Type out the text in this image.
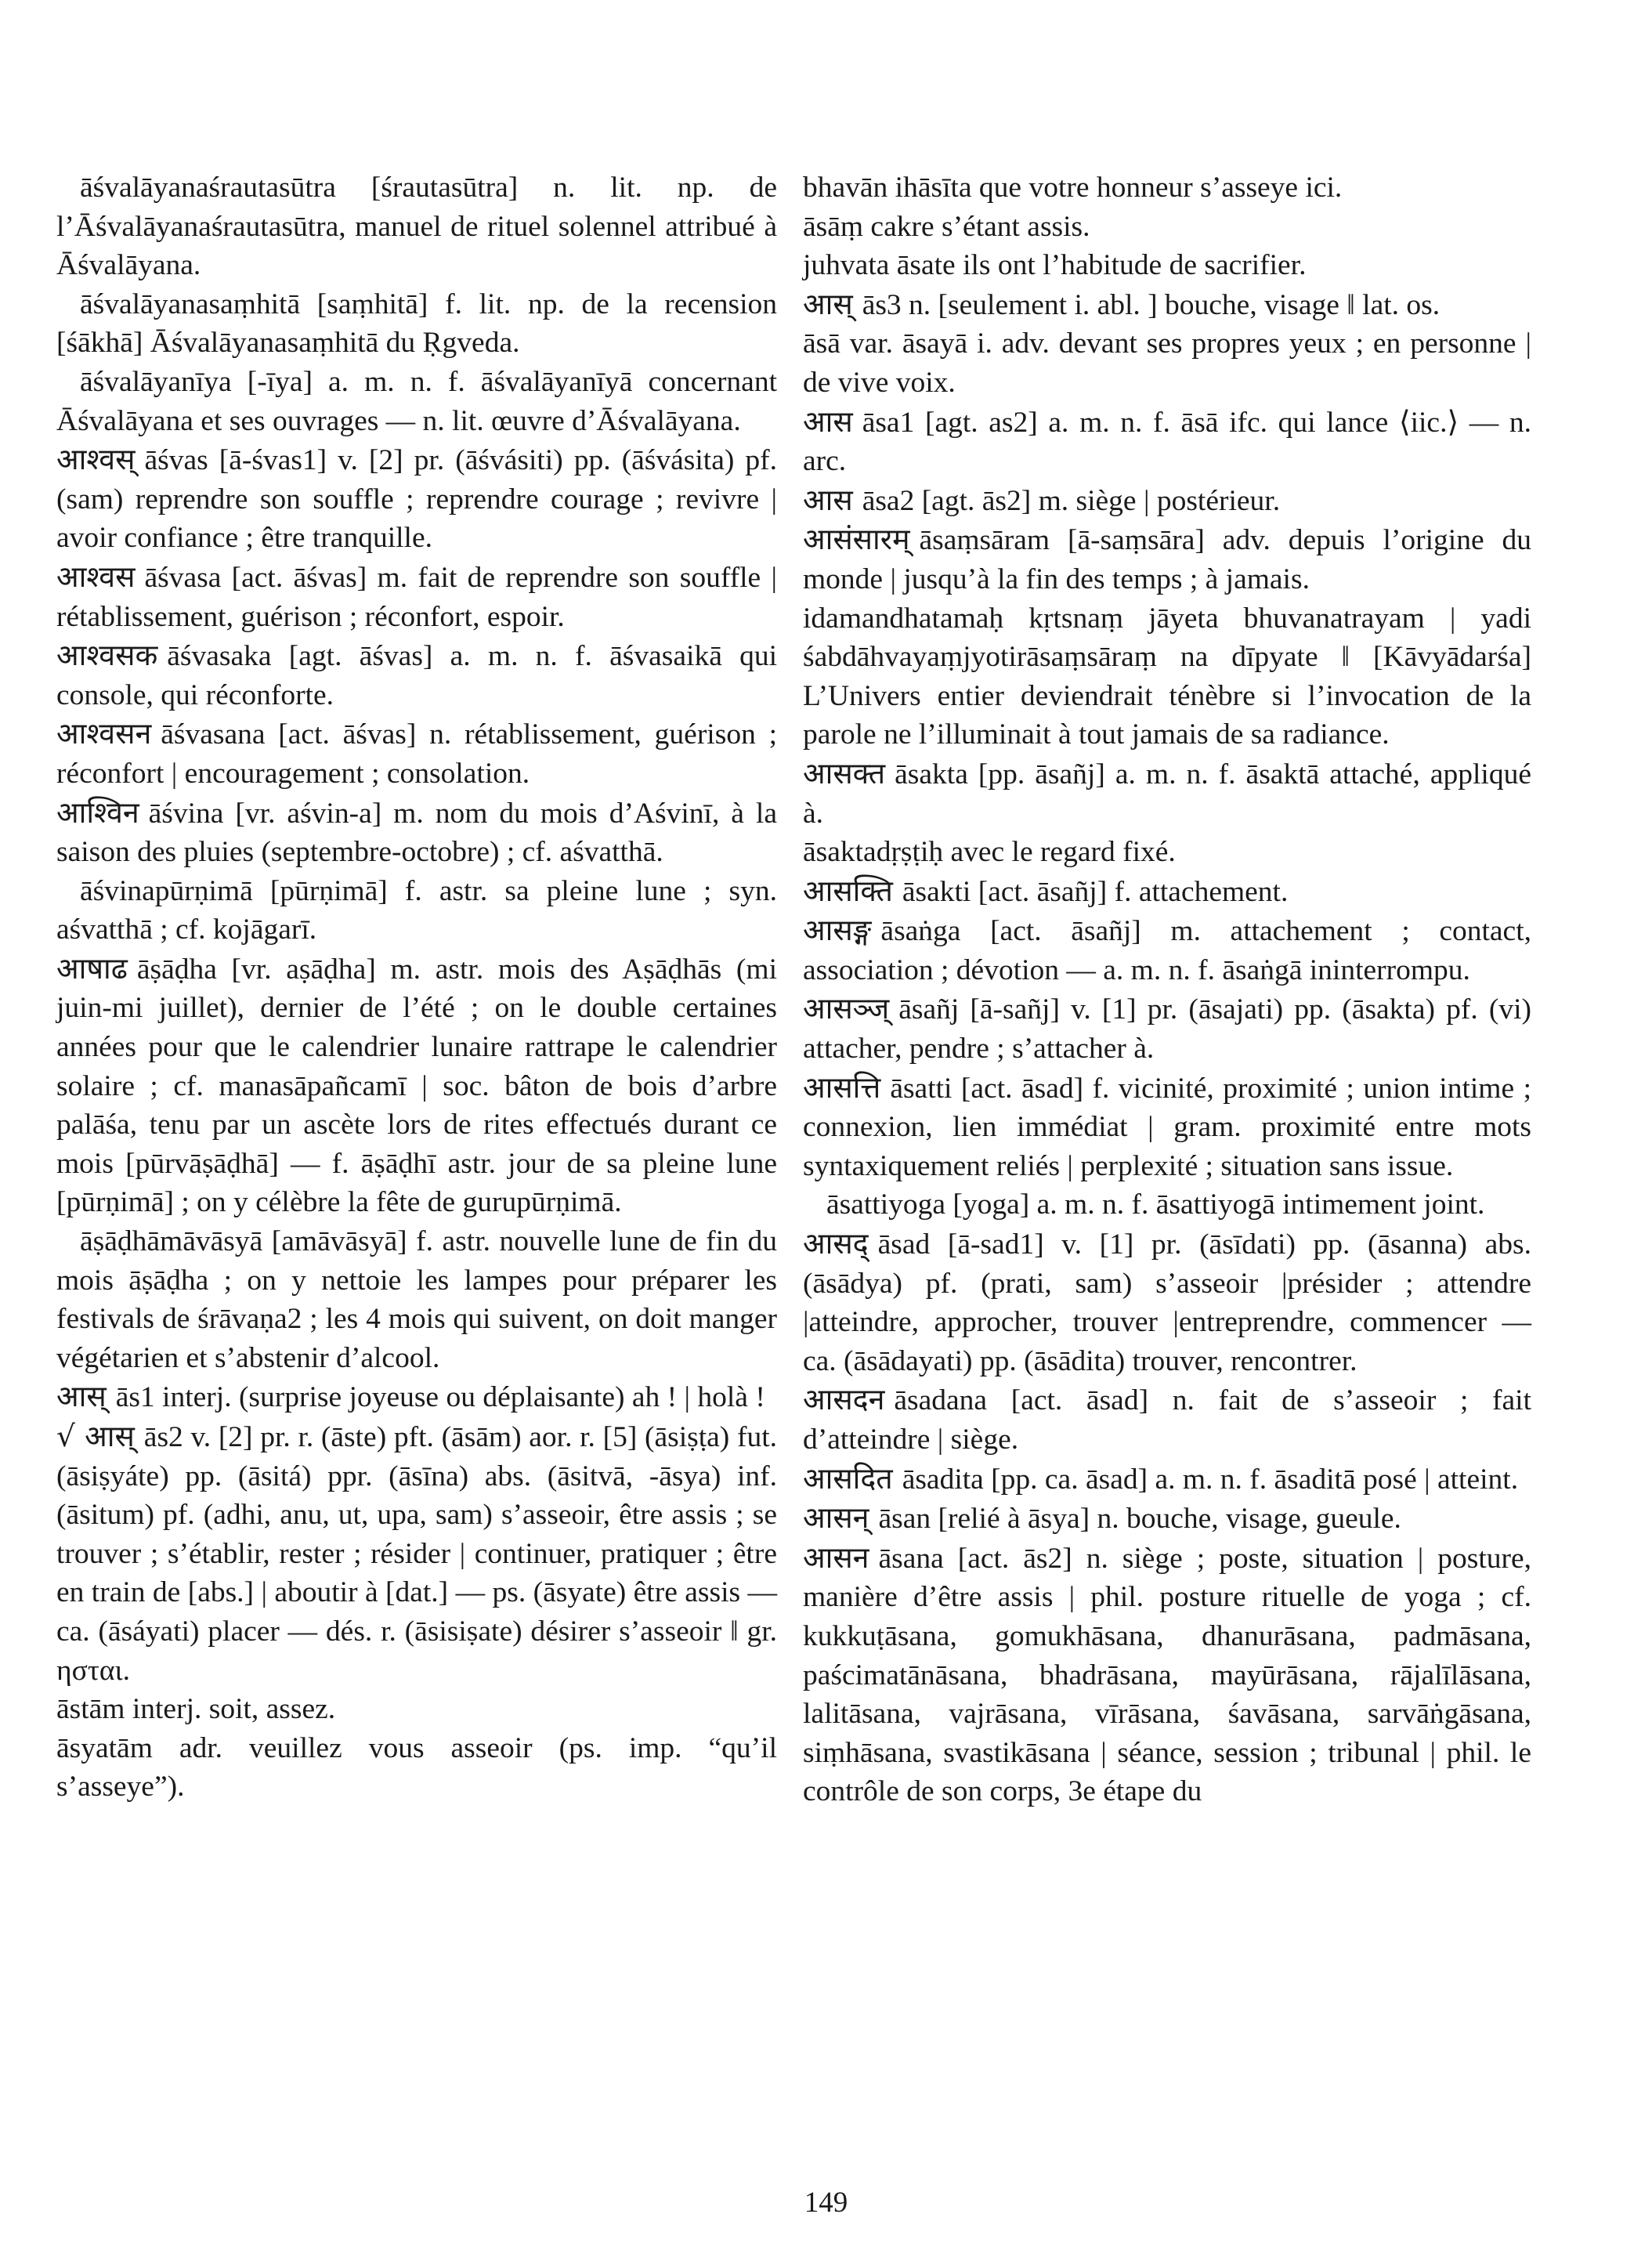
āśvalāyanaśrautasūtra [śrautasūtra] n. lit. np. de l’Āśvalāyanaśrautasūtra, manuel de rituel solennel attribué à Āśvalāyana.

āśvalāyanasaṃhitā [saṃhitā] f. lit. np. de la recension [śākhā] Āśvalāyanasaṃhitā du Ṛgveda.

āśvalāyanīya [-īya] a. m. n. f. āśvalāyanīyā concernant Āśvalāyana et ses ouvrages — n. lit. œuvre d’Āśvalāyana.

आश्वस् āśvas [ā-śvas1] v. [2] pr. (āśvásiti) pp. (āśvásita) pf. (sam) reprendre son souffle ; reprendre courage ; revivre | avoir confiance ; être tranquille.

आश्वस āśvasa [act. āśvas] m. fait de reprendre son souffle | rétablissement, guérison ; réconfort, espoir.

आश्वसक āśvasaka [agt. āśvas] a. m. n. f. āśvasaikā qui console, qui réconforte.

आश्वसन āśvasana [act. āśvas] n. rétablissement, guérison ; réconfort | encouragement ; consolation.

आश्विन āśvina [vr. aśvin-a] m. nom du mois d’Aśvinī, à la saison des pluies (septembre-octobre) ; cf. aśvatthā.

āśvinapūrṇimā [pūrṇimā] f. astr. sa pleine lune ; syn. aśvatthā ; cf. kojāgarī.

आषाढ āṣāḍha [vr. aṣāḍha] m. astr. mois des Aṣāḍhās (mi juin-mi juillet), dernier de l’été ; on le double certaines années pour que le calendrier lunaire rattrape le calendrier solaire ; cf. manasāpañcamī | soc. bâton de bois d’arbre palāśa, tenu par un ascète lors de rites effectués durant ce mois [pūrvāṣāḍhā] — f. āṣāḍhī astr. jour de sa pleine lune [pūrṇimā] ; on y célèbre la fête de gurupūrṇimā.

āṣāḍhāmāvāsyā [amāvāsyā] f. astr. nouvelle lune de fin du mois āṣāḍha ; on y nettoie les lampes pour préparer les festivals de śrāvaṇa2 ; les 4 mois qui suivent, on doit manger végétarien et s’abstenir d’alcool.

आस् ās1 interj. (surprise joyeuse ou déplaisante) ah ! | holà !

√ आस् ās2 v. [2] pr. r. (āste) pft. (āsām) aor. r. [5] (āsiṣṭa) fut. (āsiṣyáte) pp. (āsitá) ppr. (āsīna) abs. (āsitvā, -āsya) inf. (āsitum) pf. (adhi, anu, ut, upa, sam) s’asseoir, être assis ; se trouver ; s’établir, rester ; résider | continuer, pratiquer ; être en train de [abs.] | aboutir à [dat.] — ps. (āsyate) être assis — ca. (āsáyati) placer — dés. r. (āsisiṣate) désirer s’asseoir ‖ gr. ησται.

āstām interj. soit, assez.

āsyatām adr. veuillez vous asseoir (ps. imp. “qu’il s’asseye”).

bhavān ihāsīta que votre honneur s’asseye ici.

āsāṃ cakre s’étant assis.

juhvata āsate ils ont l’habitude de sacrifier.

आस् ās3 n. [seulement i. abl. ] bouche, visage ‖ lat. os.

āsā var. āsayā i. adv. devant ses propres yeux ; en personne | de vive voix.

आस āsa1 [agt. as2] a. m. n. f. āsā ifc. qui lance ⟨iic.⟩ — n. arc.

आस āsa2 [agt. ās2] m. siège | postérieur.

आसंसारम् āsaṃsāram [ā-saṃsāra] adv. depuis l’origine du monde | jusqu’à la fin des temps ; à jamais.

idamandhatamaḥ kṛtsnaṃ jāyeta bhuvanatrayam | yadi śabdāhvayaṃjyotirāsaṃsāraṃ na dīpyate ‖ [Kāvyādarśa] L’Univers entier deviendrait ténèbre si l’invocation de la parole ne l’illuminait à tout jamais de sa radiance.

आसक्त āsakta [pp. āsañj] a. m. n. f. āsaktā attaché, appliqué à.

āsaktadṛṣṭiḥ avec le regard fixé.

आसक्ति āsakti [act. āsañj] f. attachement.

आसङ्ग āsaṅga [act. āsañj] m. attachement ; contact, association ; dévotion — a. m. n. f. āsaṅgā ininterrompu.

आसञ्ज् āsañj [ā-sañj] v. [1] pr. (āsajati) pp. (āsakta) pf. (vi) attacher, pendre ; s’attacher à.

आसत्ति āsatti [act. āsad] f. vicinité, proximité ; union intime ; connexion, lien immédiat | gram. proximité entre mots syntaxiquement reliés | perplexité ; situation sans issue.

āsattiyoga [yoga] a. m. n. f. āsattiyogā intimement joint.

आसद् āsad [ā-sad1] v. [1] pr. (āsīdati) pp. (āsanna) abs. (āsādya) pf. (prati, sam) s’asseoir |présider ; attendre |atteindre, approcher, trouver |entreprendre, commencer — ca. (āsādayati) pp. (āsādita) trouver, rencontrer.

आसदन āsadana [act. āsad] n. fait de s’asseoir ; fait d’atteindre | siège.

आसदित āsadita [pp. ca. āsad] a. m. n. f. āsaditā posé | atteint.

आसन् āsan [relié à āsya] n. bouche, visage, gueule.

आसन āsana [act. ās2] n. siège ; poste, situation | posture, manière d’être assis | phil. posture rituelle de yoga ; cf. kukkuṭāsana, gomukhāsana, dhanurāsana, padmāsana, paścimatānāsana, bhadrāsana, mayūrāsana, rājalīlāsana, lalitāsana, vajrāsana, vīrāsana, śavāsana, sarvāṅgāsana, siṃhāsana, svastikāsana | séance, session ; tribunal | phil. le contrôle de son corps, 3e étape du

149
